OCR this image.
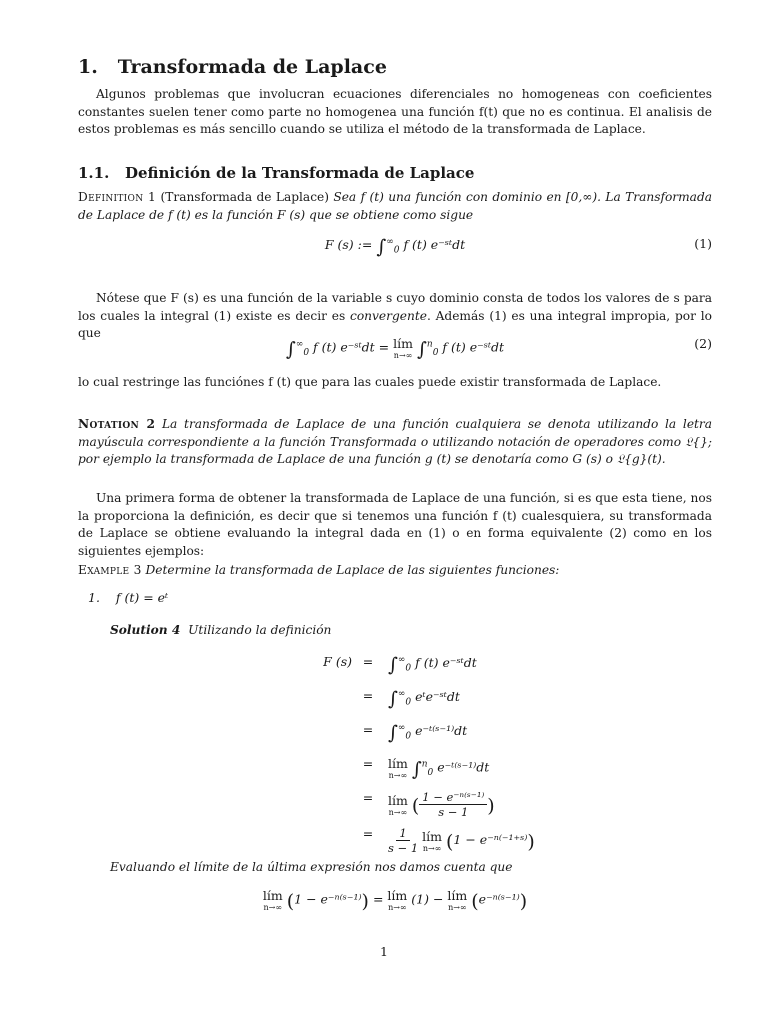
1. Transformada de Laplace
Algunos problemas que involucran ecuaciones diferenciales no homogeneas con coeficientes constantes suelen tener como parte no homogenea una función f(t) que no es continua. El analisis de estos problemas es más sencillo cuando se utiliza el método de la transformada de Laplace.
1.1. Definición de la Transformada de Laplace
Definition 1 (Transformada de Laplace) Sea f (t) una función con dominio en [0,∞). La Transformada de Laplace de f (t) es la función F (s) que se obtiene como sigue
F (s) := $\int^\infty_0$ f (t) e⁻ˢᵗdt	(1)
Nótese que F (s) es una función de la variable s cuyo dominio consta de todos los valores de s para los cuales la integral (1) existe es decir es convergente. Además (1) es una integral impropia, por lo que
$\int^\infty_0$ f (t) e⁻ˢᵗdt = lím
n→∞ ∫$^n_0$ f (t) e⁻ˢᵗdt	(2)
lo cual restringe las funciónes f (t) que para las cuales puede existir transformada de Laplace.
Notation 2 La transformada de Laplace de una función cualquiera se denota utilizando la letra mayúscula correspondiente a la función Transformada o utilizando notación de operadores como 𝔏{}; por ejemplo la transformada de Laplace de una función g (t) se denotaría como G (s) o 𝔏{g}(t).
Una primera forma de obtener la transformada de Laplace de una función, si es que esta tiene, nos la proporciona la definición, es decir que si tenemos una función f (t) cualesquiera, su transformada de Laplace se obtiene evaluando la integral dada en (1) o en forma equivalente (2) como en los siguientes ejemplos:
Example 3 Determine la transformada de Laplace de las siguientes funciones:
1. f (t) = eᵗ
Solution 4 Utilizando la definición
F $(s) = \int^\infty_0$ f (t) e⁻ˢᵗdt
= $\int^\infty_0$ eᵗe⁻ˢᵗdt
= $\int^\infty_0$ e⁻ᵗ⁽ˢ⁻¹⁾dt
=	lím
n→∞ ∫$^n_0$ e⁻ᵗ⁽ˢ⁻¹⁾dt
=	lím
n→∞ ( $\frac{\text{1 − e⁻ⁿ⁽ˢ⁻¹⁾}}{s - 1}$ )
=	$\frac{1}{s - 1}$
lím
n→∞ (1 − e⁻ⁿ⁽⁻¹⁺ˢ⁾)
Evaluando el límite de la última expresión nos damos cuenta que
lím
n→∞ (1 − e⁻ⁿ⁽ˢ⁻¹⁾) = lím
n→∞
(1) − lím
n→∞ (e⁻ⁿ⁽ˢ⁻¹⁾)
1
